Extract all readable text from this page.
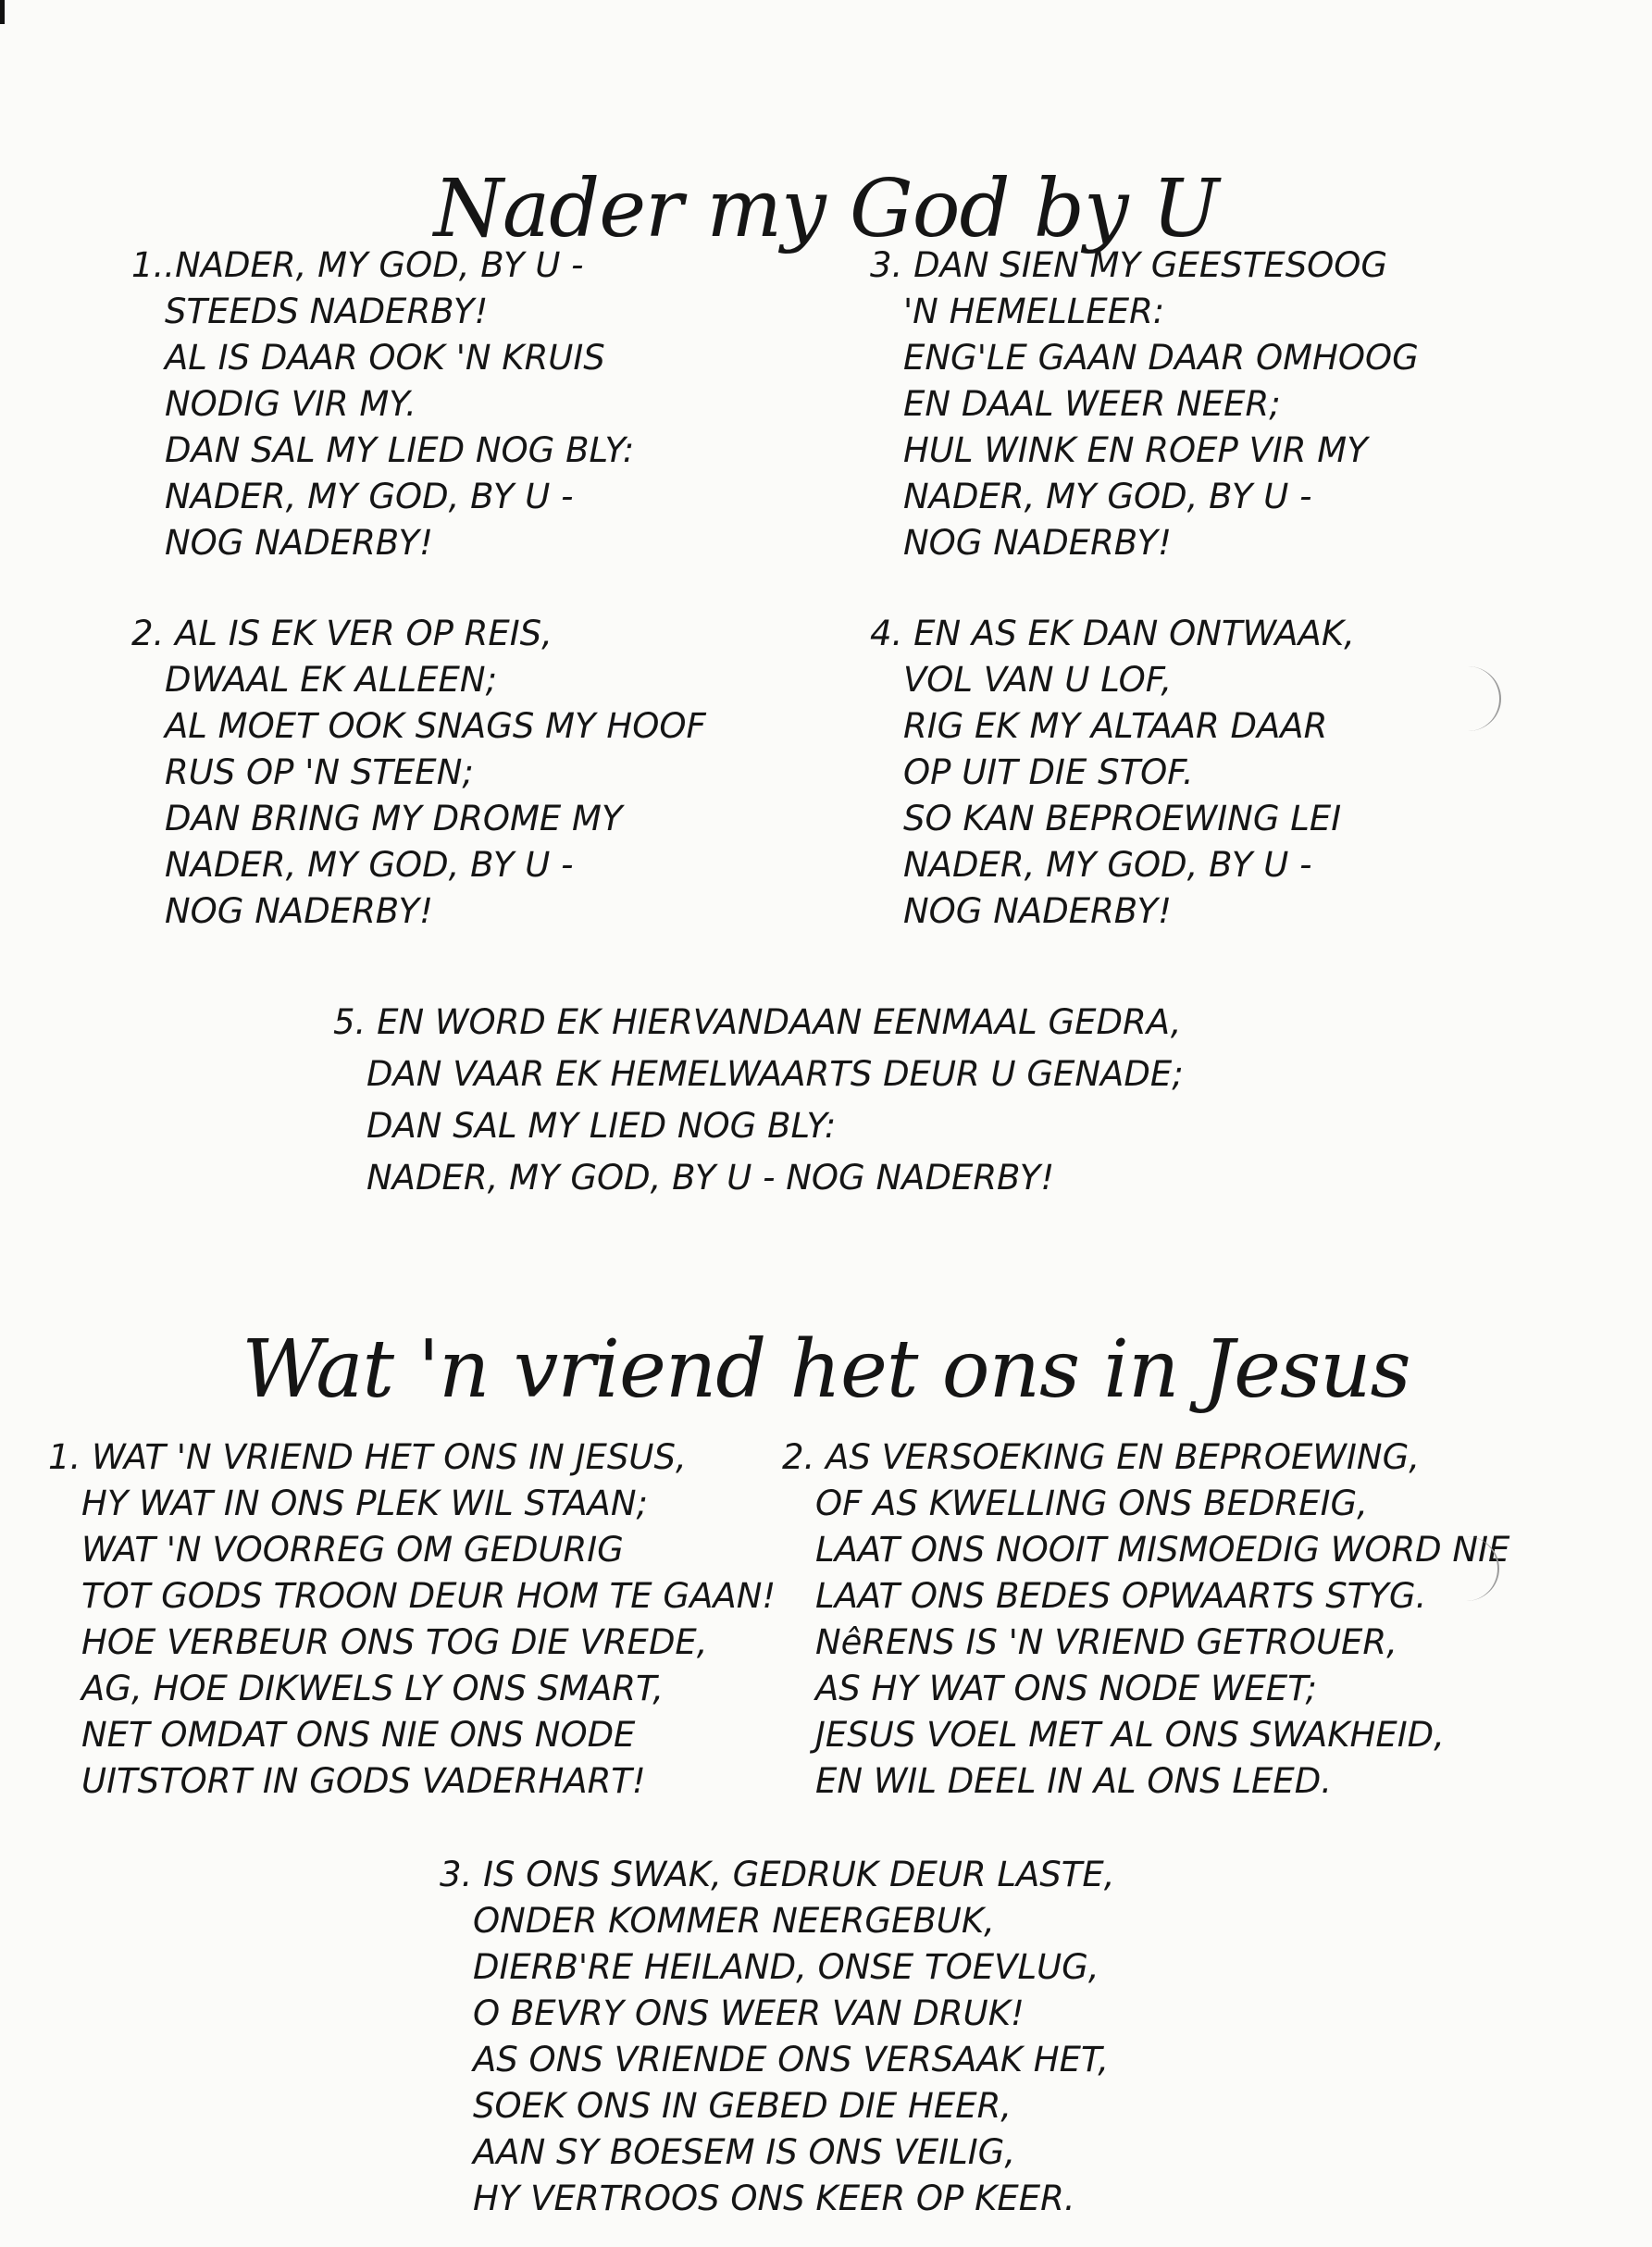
Nader my God by U
1..NADER, MY GOD, BY U -
STEEDS NADERBY!
AL IS DAAR OOK 'N KRUIS
NODIG VIR MY.
DAN SAL MY LIED NOG BLY:
NADER, MY GOD, BY U -
NOG NADERBY!
3. DAN SIEN MY GEESTESOOG
'N HEMELLEER:
ENG'LE GAAN DAAR OMHOOG
EN DAAL WEER NEER;
HUL WINK EN ROEP VIR MY
NADER, MY GOD, BY U -
NOG NADERBY!
2. AL IS EK VER OP REIS,
DWAAL EK ALLEEN;
AL MOET OOK SNAGS MY HOOF
RUS OP 'N STEEN;
DAN BRING MY DROME MY
NADER, MY GOD, BY U -
NOG NADERBY!
4. EN AS EK DAN ONTWAAK,
VOL VAN U LOF,
RIG EK MY ALTAAR DAAR
OP UIT DIE STOF.
SO KAN BEPROEWING LEI
NADER, MY GOD, BY U -
NOG NADERBY!
5. EN WORD EK HIERVANDAAN EENMAAL GEDRA,
DAN VAAR EK HEMELWAARTS DEUR U GENADE;
DAN SAL MY LIED NOG BLY:
NADER, MY GOD, BY U - NOG NADERBY!
Wat 'n vriend het ons in Jesus
1. WAT 'N VRIEND HET ONS IN JESUS,
HY WAT IN ONS PLEK WIL STAAN;
WAT 'N VOORREG OM GEDURIG
TOT GODS TROON DEUR HOM TE GAAN!
HOE VERBEUR ONS TOG DIE VREDE,
AG, HOE DIKWELS LY ONS SMART,
NET OMDAT ONS NIE ONS NODE
UITSTORT IN GODS VADERHART!
2. AS VERSOEKING EN BEPROEWING,
OF AS KWELLING ONS BEDREIG,
LAAT ONS NOOIT MISMOEDIG WORD NIE
LAAT ONS BEDES OPWAARTS STYG.
NêRENS IS 'N VRIEND GETROUER,
AS HY WAT ONS NODE WEET;
JESUS VOEL MET AL ONS SWAKHEID,
EN WIL DEEL IN AL ONS LEED.
3. IS ONS SWAK, GEDRUK DEUR LASTE,
ONDER KOMMER NEERGEBUK,
DIERB'RE HEILAND, ONSE TOEVLUG,
O BEVRY ONS WEER VAN DRUK!
AS ONS VRIENDE ONS VERSAAK HET,
SOEK ONS IN GEBED DIE HEER,
AAN SY BOESEM IS ONS VEILIG,
HY VERTROOS ONS KEER OP KEER.
